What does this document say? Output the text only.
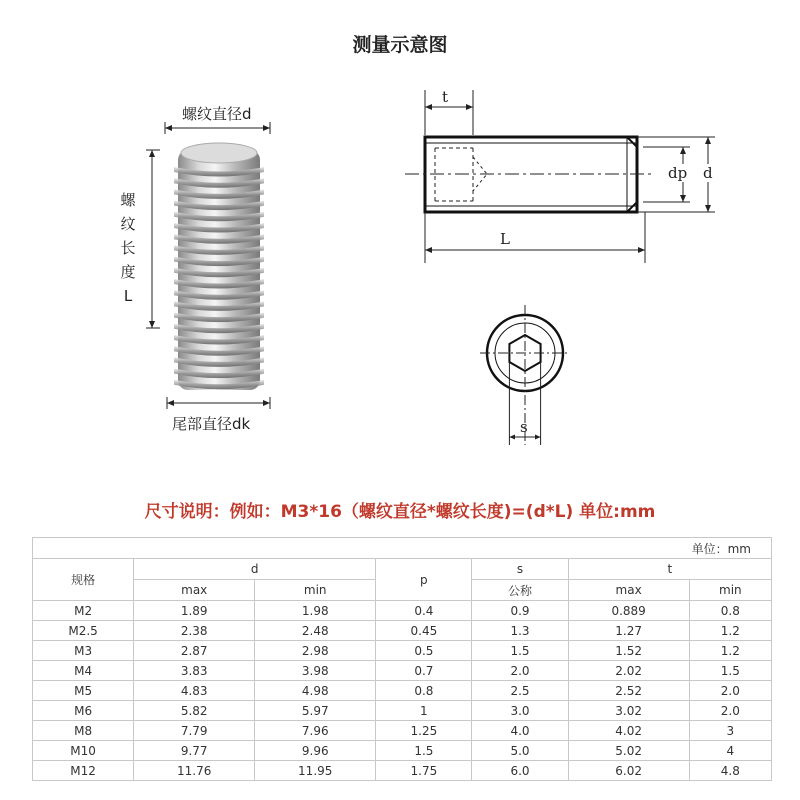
测量示意图
螺纹直径d
螺
纹
长
度
L
尾部直径dk
t
dp d
L
s
尺寸说明：例如：M3*16（螺纹直径*螺纹长度)=(d*L) 单位:mm
单位：mm						
规格	d		p	s	t	
	max	min		公称	max	min
M2	1.89	1.98	0.4	0.9	0.889	0.8
M2.5	2.38	2.48	0.45	1.3	1.27	1.2
M3	2.87	2.98	0.5	1.5	1.52	1.2
M4	3.83	3.98	0.7	2.0	2.02	1.5
M5	4.83	4.98	0.8	2.5	2.52	2.0
M6	5.82	5.97	1	3.0	3.02	2.0
M8	7.79	7.96	1.25	4.0	4.02	3
M10	9.77	9.96	1.5	5.0	5.02	4
M12	11.76	11.95	1.75	6.0	6.02	4.8
